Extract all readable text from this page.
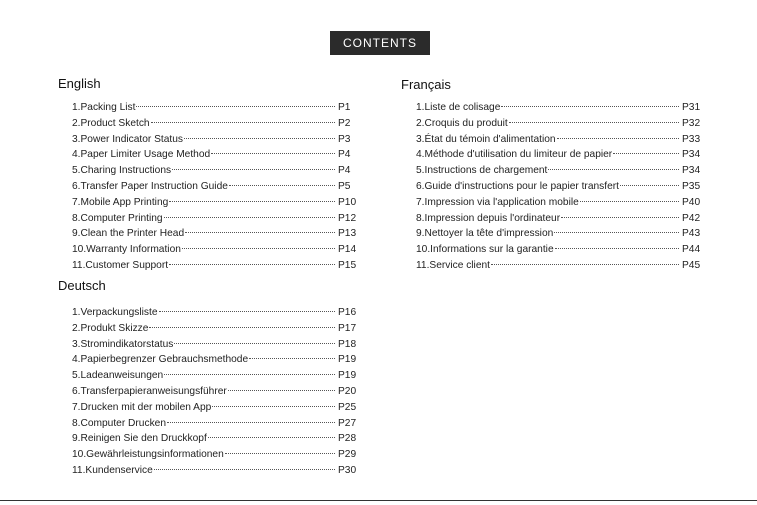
CONTENTS
English
1.Packing List	P1
2.Product Sketch	P2
3.Power Indicator Status	P3
4.Paper Limiter Usage Method	P4
5.Charing Instructions	P4
6.Transfer Paper Instruction Guide	P5
7.Mobile App Printing	P10
8.Computer Printing	P12
9.Clean the Printer Head	P13
10.Warranty Information	P14
11.Customer Support	P15
Deutsch
1.Verpackungsliste	P16
2.Produkt Skizze	P17
3.Stromindikatorstatus	P18
4.Papierbegrenzer Gebrauchsmethode	P19
5.Ladeanweisungen	P19
6.Transferpapieranweisungsführer	P20
7.Drucken mit der mobilen App	P25
8.Computer Drucken	P27
9.Reinigen Sie den Druckkopf	P28
10.Gewährleistungsinformationen	P29
11.Kundenservice	P30
Français
1.Liste de colisage	P31
2.Croquis du produit	P32
3.État du témoin d'alimentation	P33
4.Méthode d'utilisation du limiteur de papier	P34
5.Instructions de chargement	P34
6.Guide d'instructions pour le papier transfert	P35
7.Impression via l'application mobile	P40
8.Impression depuis l'ordinateur	P42
9.Nettoyer la tête d'impression	P43
10.Informations sur la garantie	P44
11.Service client	P45
